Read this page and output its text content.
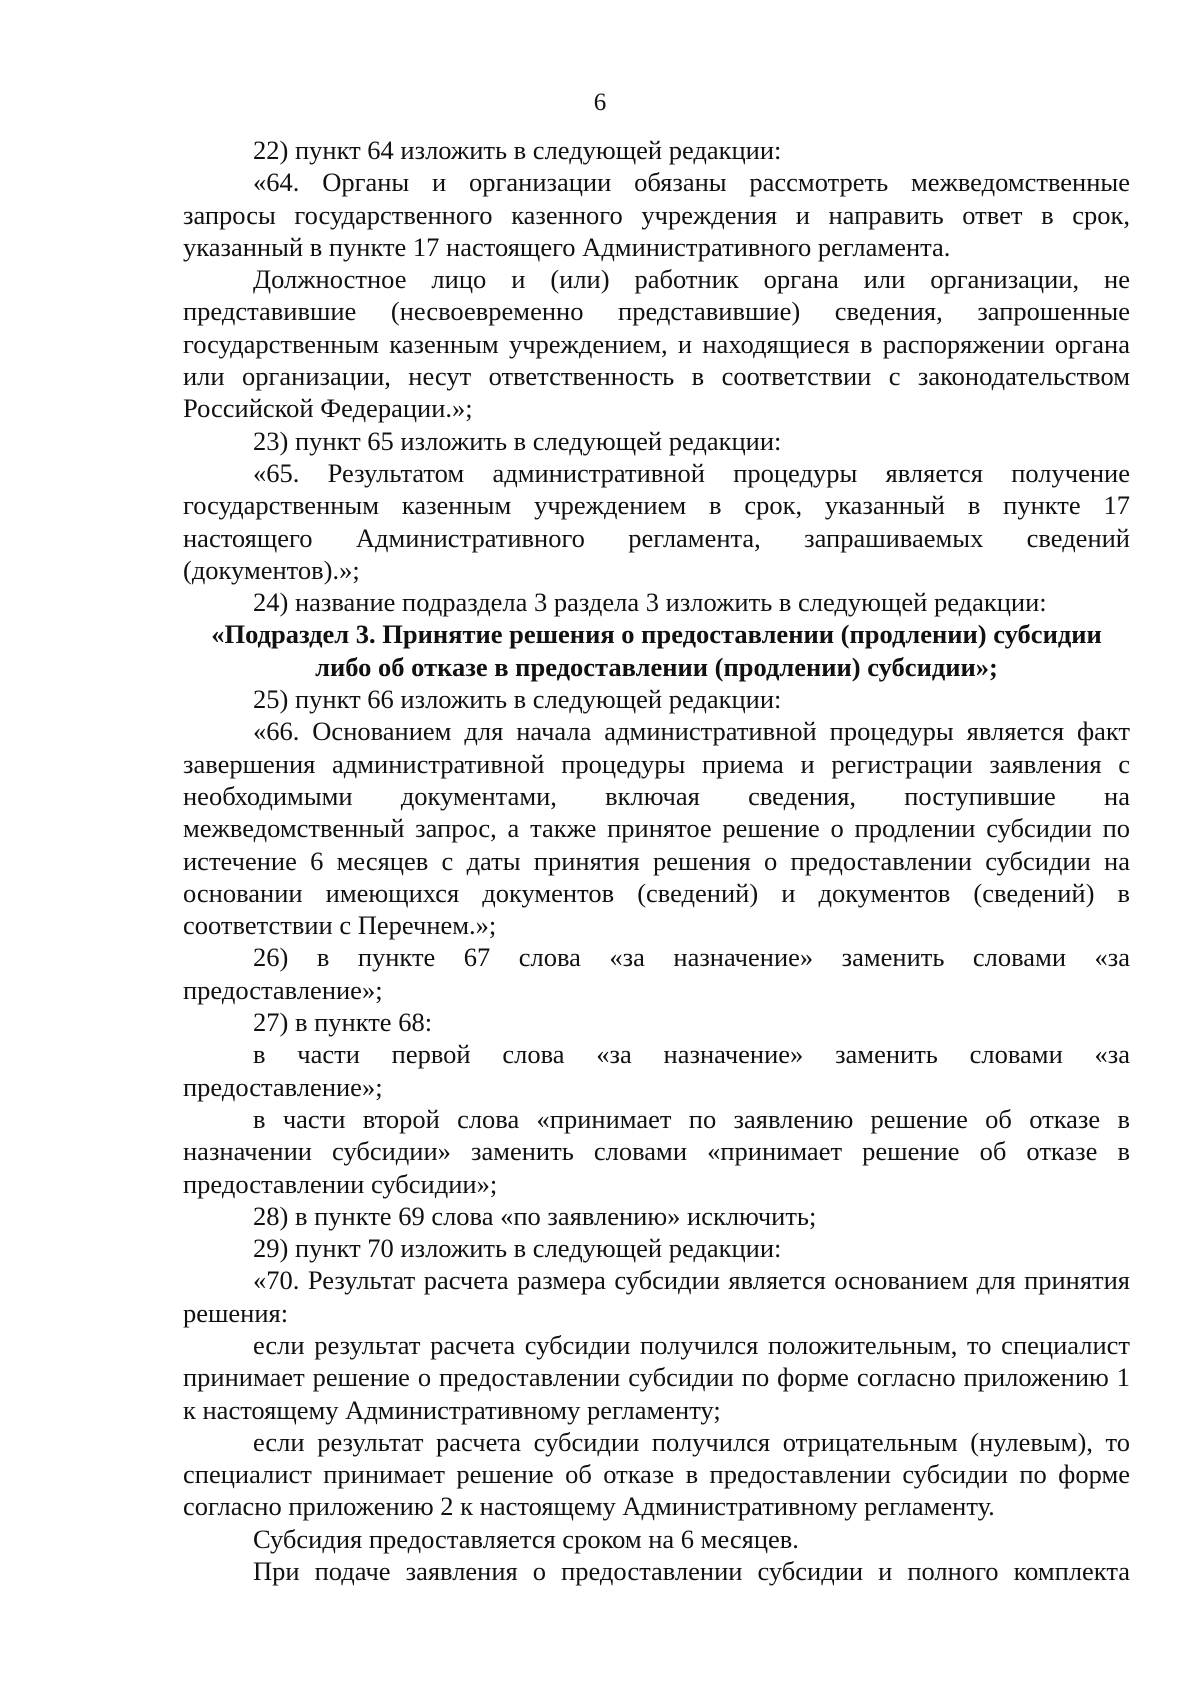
6

22) пункт 64 изложить в следующей редакции:

«64. Органы и организации обязаны рассмотреть межведомственные запросы государственного казенного учреждения и направить ответ в срок, указанный в пункте 17 настоящего Административного регламента.

Должностное лицо и (или) работник органа или организации, не представившие (несвоевременно представившие) сведения, запрошенные государственным казенным учреждением, и находящиеся в распоряжении органа или организации, несут ответственность в соответствии с законодательством Российской Федерации.»;

23) пункт 65 изложить в следующей редакции:

«65. Результатом административной процедуры является получение государственным казенным учреждением в срок, указанный в пункте 17 настоящего Административного регламента, запрашиваемых сведений (документов).»;

24) название подраздела 3 раздела 3 изложить в следующей редакции:

«Подраздел 3. Принятие решения о предоставлении (продлении) субсидии либо об отказе в предоставлении (продлении) субсидии»;

25) пункт 66 изложить в следующей редакции:

«66. Основанием для начала административной процедуры является факт завершения административной процедуры приема и регистрации заявления с необходимыми документами, включая сведения, поступившие на межведомственный запрос, а также принятое решение о продлении субсидии по истечение 6 месяцев с даты принятия решения о предоставлении субсидии на основании имеющихся документов (сведений) и документов (сведений) в соответствии с Перечнем.»;

26) в пункте 67 слова «за назначение» заменить словами «за предоставление»;

27) в пункте 68:

в части первой слова «за назначение» заменить словами «за предоставление»;

в части второй слова «принимает по заявлению решение об отказе в назначении субсидии» заменить словами «принимает решение об отказе в предоставлении субсидии»;

28) в пункте 69 слова «по заявлению» исключить;

29) пункт 70 изложить в следующей редакции:

«70. Результат расчета размера субсидии является основанием для принятия решения:

если результат расчета субсидии получился положительным, то специалист принимает решение о предоставлении субсидии по форме согласно приложению 1 к настоящему Административному регламенту;

если результат расчета субсидии получился отрицательным (нулевым), то специалист принимает решение об отказе в предоставлении субсидии по форме согласно приложению 2 к настоящему Административному регламенту.

Субсидия предоставляется сроком на 6 месяцев.

При подаче заявления о предоставлении субсидии и полного комплекта
